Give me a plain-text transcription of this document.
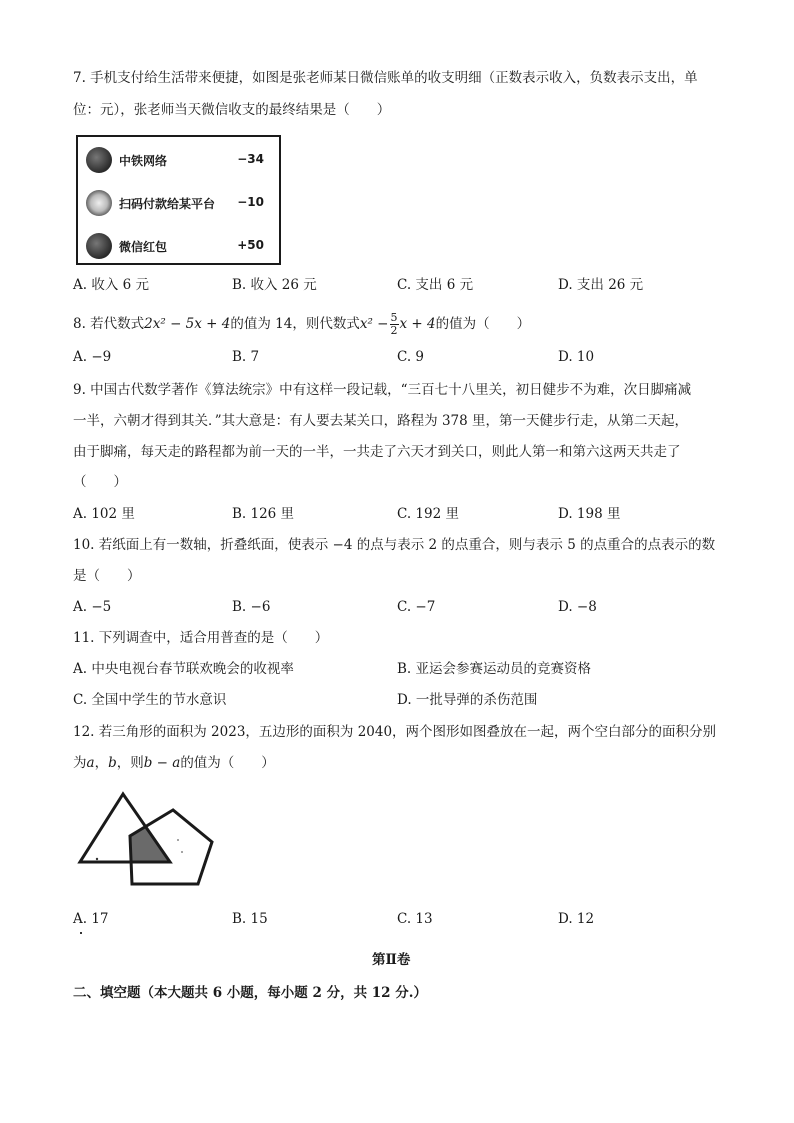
7. 手机支付给生活带来便捷，如图是张老师某日微信账单的收支明细（正数表示收入，负数表示支出，单
位：元），张老师当天微信收支的最终结果是（　　）
中铁网络	−34
扫码付款给某平台 −10
微信红包	+50
A. 收入 6 元	B. 收入 26 元	C. 支出 6 元	D. 支出 26 元
8. 若代数式2x² − 5x + 4的值为 14，则代数式$x^2 - \frac{5}{2}$ x + 4的值为（　　）
A. −9	B. 7	C. 9	D. 10
9. 中国古代数学著作《算法统宗》中有这样一段记载，“三百七十八里关，初日健步不为难，次日脚痛减
一半，六朝才得到其关．”其大意是：有人要去某关口，路程为 378 里，第一天健步行走，从第二天起，
由于脚痛，每天走的路程都为前一天的一半，一共走了六天才到关口，则此人第一和第六这两天共走了
（　　）
A. 102 里	B. 126 里	C. 192 里	D. 198 里
10. 若纸面上有一数轴，折叠纸面，使表示 −4 的点与表示 2 的点重合，则与表示 5 的点重合的点表示的数
是（　　）
A. −5	B. −6	C. −7	D. −8
11. 下列调查中，适合用普查的是（　　）
A. 中央电视台春节联欢晚会的收视率	B. 亚运会参赛运动员的竞赛资格
C. 全国中学生的节水意识	D. 一批导弹的杀伤范围
12. 若三角形的面积为 2023，五边形的面积为 2040，两个图形如图叠放在一起，两个空白部分的面积分别
为a，b，则b − a的值为（　　）
A. 17	B. 15	C. 13	D. 12
第Ⅱ卷
二、填空题（本大题共 6 小题，每小题 2 分，共 12 分.）
